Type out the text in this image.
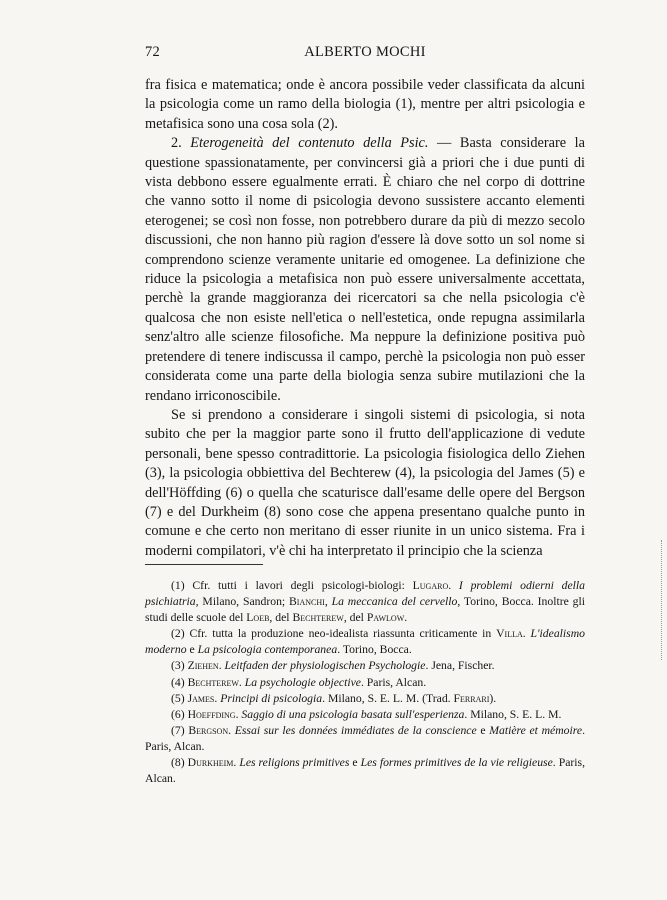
72	ALBERTO MOCHI

fra fisica e matematica; onde è ancora possibile veder classificata da alcuni la psicologia come un ramo della biologia (1), mentre per altri psicologia e metafisica sono una cosa sola (2).

2. Eterogeneità del contenuto della Psic. — Basta considerare la questione spassionatamente, per convincersi già a priori che i due punti di vista debbono essere egualmente errati. È chiaro che nel corpo di dottrine che vanno sotto il nome di psicologia devono sussistere accanto elementi eterogenei; se così non fosse, non potrebbero durare da più di mezzo secolo discussioni, che non hanno più ragion d'essere là dove sotto un sol nome si comprendono scienze veramente unitarie ed omogenee. La definizione che riduce la psicologia a metafisica non può essere universalmente accettata, perchè la grande maggioranza dei ricercatori sa che nella psicologia c'è qualcosa che non esiste nell'etica o nell'estetica, onde repugna assimilarla senz'altro alle scienze filosofiche. Ma neppure la definizione positiva può pretendere di tenere indiscussa il campo, perchè la psicologia non può esser considerata come una parte della biologia senza subire mutilazioni che la rendano irriconoscibile.

Se si prendono a considerare i singoli sistemi di psicologia, si nota subito che per la maggior parte sono il frutto dell'applicazione di vedute personali, bene spesso contradittorie. La psicologia fisiologica dello Ziehen (3), la psicologia obbiettiva del Bechterew (4), la psicologia del James (5) e dell'Höffding (6) o quella che scaturisce dall'esame delle opere del Bergson (7) e del Durkheim (8) sono cose che appena presentano qualche punto in comune e che certo non meritano di esser riunite in un unico sistema. Fra i moderni compilatori, v'è chi ha interpretato il principio che la scienza

(1) Cfr. tutti i lavori degli psicologi-biologi: Lugaro. I problemi odierni della psichiatria, Milano, Sandron; Bianchi, La meccanica del cervello, Torino, Bocca. Inoltre gli studi delle scuole del Loeb, del Bechterew, del Pawlow.

(2) Cfr. tutta la produzione neo-idealista riassunta criticamente in Villa. L'idealismo moderno e La psicologia contemporanea. Torino, Bocca.

(3) Ziehen. Leitfaden der physiologischen Psychologie. Jena, Fischer.

(4) Bechterew. La psychologie objective. Paris, Alcan.

(5) James. Principi di psicologia. Milano, S. E. L. M. (Trad. Ferrari).

(6) Hoeffding. Saggio di una psicologia basata sull'esperienza. Milano, S. E. L. M.

(7) Bergson. Essai sur les données immédiates de la conscience e Matière et mémoire. Paris, Alcan.

(8) Durkheim. Les religions primitives e Les formes primitives de la vie religieuse. Paris, Alcan.
